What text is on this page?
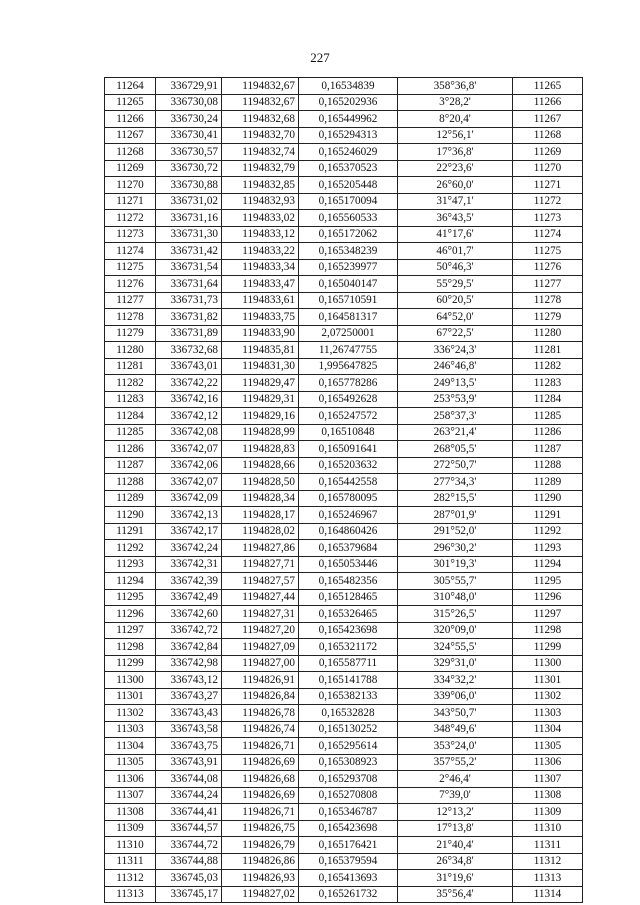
227
11264	336729,91	1194832,67	0,16534839	358°36,8'	11265
11265	336730,08	1194832,67	0,165202936	3°28,2'	11266
11266	336730,24	1194832,68	0,165449962	8°20,4'	11267
11267	336730,41	1194832,70	0,165294313	12°56,1'	11268
11268	336730,57	1194832,74	0,165246029	17°36,8'	11269
11269	336730,72	1194832,79	0,165370523	22°23,6'	11270
11270	336730,88	1194832,85	0,165205448	26°60,0'	11271
11271	336731,02	1194832,93	0,165170094	31°47,1'	11272
11272	336731,16	1194833,02	0,165560533	36°43,5'	11273
11273	336731,30	1194833,12	0,165172062	41°17,6'	11274
11274	336731,42	1194833,22	0,165348239	46°01,7'	11275
11275	336731,54	1194833,34	0,165239977	50°46,3'	11276
11276	336731,64	1194833,47	0,165040147	55°29,5'	11277
11277	336731,73	1194833,61	0,165710591	60°20,5'	11278
11278	336731,82	1194833,75	0,164581317	64°52,0'	11279
11279	336731,89	1194833,90	2,07250001	67°22,5'	11280
11280	336732,68	1194835,81	11,26747755	336°24,3'	11281
11281	336743,01	1194831,30	1,995647825	246°46,8'	11282
11282	336742,22	1194829,47	0,165778286	249°13,5'	11283
11283	336742,16	1194829,31	0,165492628	253°53,9'	11284
11284	336742,12	1194829,16	0,165247572	258°37,3'	11285
11285	336742,08	1194828,99	0,16510848	263°21,4'	11286
11286	336742,07	1194828,83	0,165091641	268°05,5'	11287
11287	336742,06	1194828,66	0,165203632	272°50,7'	11288
11288	336742,07	1194828,50	0,165442558	277°34,3'	11289
11289	336742,09	1194828,34	0,165780095	282°15,5'	11290
11290	336742,13	1194828,17	0,165246967	287°01,9'	11291
11291	336742,17	1194828,02	0,164860426	291°52,0'	11292
11292	336742,24	1194827,86	0,165379684	296°30,2'	11293
11293	336742,31	1194827,71	0,165053446	301°19,3'	11294
11294	336742,39	1194827,57	0,165482356	305°55,7'	11295
11295	336742,49	1194827,44	0,165128465	310°48,0'	11296
11296	336742,60	1194827,31	0,165326465	315°26,5'	11297
11297	336742,72	1194827,20	0,165423698	320°09,0'	11298
11298	336742,84	1194827,09	0,165321172	324°55,5'	11299
11299	336742,98	1194827,00	0,165587711	329°31,0'	11300
11300	336743,12	1194826,91	0,165141788	334°32,2'	11301
11301	336743,27	1194826,84	0,165382133	339°06,0'	11302
11302	336743,43	1194826,78	0,16532828	343°50,7'	11303
11303	336743,58	1194826,74	0,165130252	348°49,6'	11304
11304	336743,75	1194826,71	0,165295614	353°24,0'	11305
11305	336743,91	1194826,69	0,165308923	357°55,2'	11306
11306	336744,08	1194826,68	0,165293708	2°46,4'	11307
11307	336744,24	1194826,69	0,165270808	7°39,0'	11308
11308	336744,41	1194826,71	0,165346787	12°13,2'	11309
11309	336744,57	1194826,75	0,165423698	17°13,8'	11310
11310	336744,72	1194826,79	0,165176421	21°40,4'	11311
11311	336744,88	1194826,86	0,165379594	26°34,8'	11312
11312	336745,03	1194826,93	0,165413693	31°19,6'	11313
11313	336745,17	1194827,02	0,165261732	35°56,4'	11314
